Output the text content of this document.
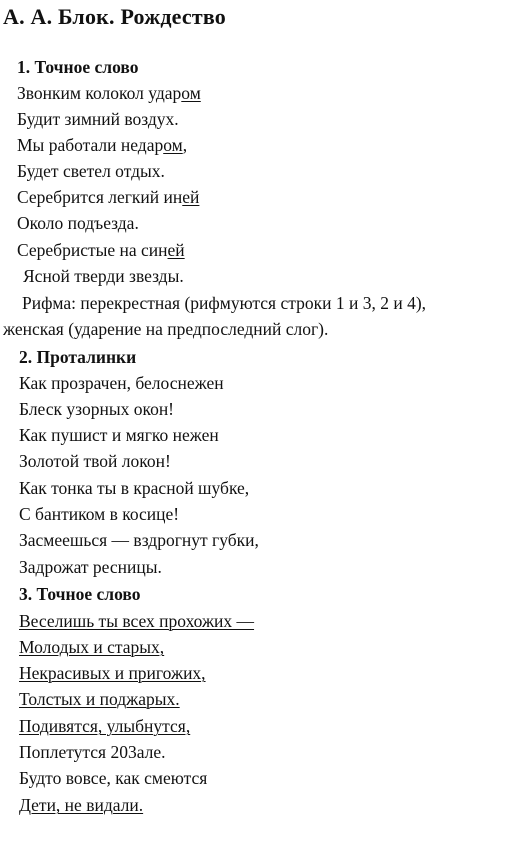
А. А. Блок. Рождество
1. Точное слово
Звонким колокол ударом
Будит зимний воздух.
Мы работали недаром,
Будет светел отдых.
Серебрится легкий иней
Около подъезда.
Серебристые на синей
Ясной тверди звезды.
Рифма: перекрестная (рифмуются строки 1 и 3, 2 и 4),
женская (ударение на предпоследний слог).
2. Проталинки
Как прозрачен, белоснежен
Блеск узорных окон!
Как пушист и мягко нежен
Золотой твой локон!
Как тонка ты в красной шубке,
С бантиком в косице!
Засмеешься — вздрогнут губки,
Задрожат ресницы.
3. Точное слово
Веселишь ты всех прохожих —
Молодых и старых,
Некрасивых и пригожих,
Толстых и поджарых.
Подивятся, улыбнутся,
Поплетутся 203але.
Будто вовсе, как смеются
Дети, не видали.
